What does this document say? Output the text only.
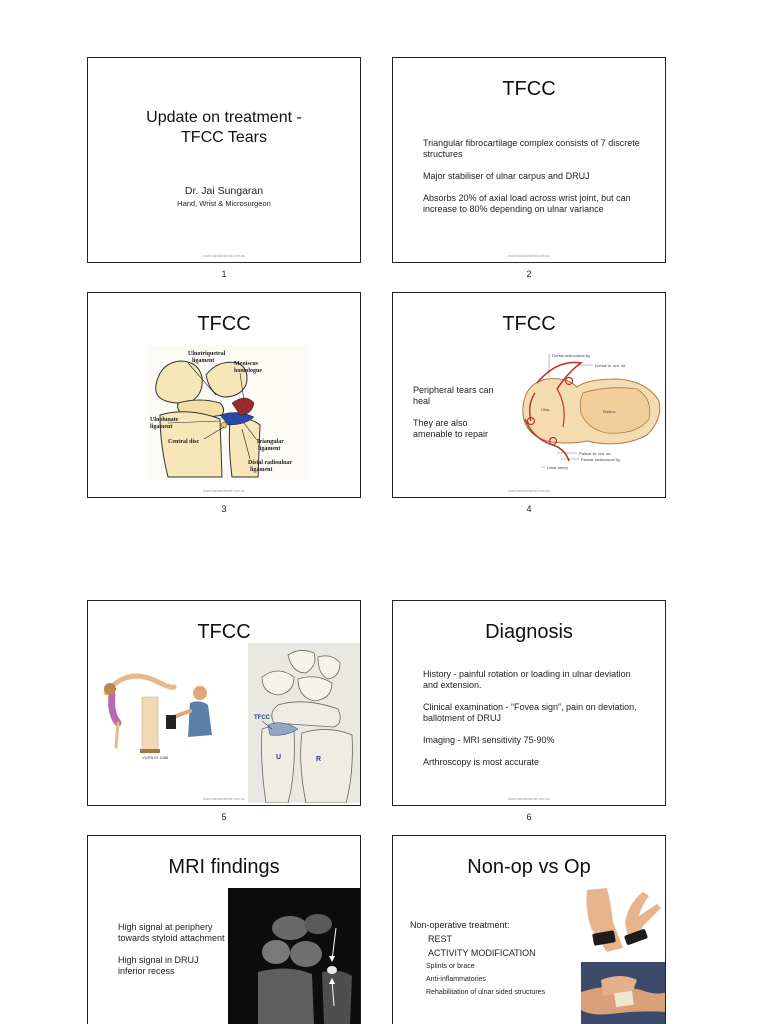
Update on treatment -
TFCC Tears
Dr. Jai Sungaran
Hand, Wrist & Microsurgeon
www.handandwrist.com.au
1
TFCC

Triangular fibrocartilage complex consists of 7 discrete structures

Major stabiliser of ulnar carpus and DRUJ

Absorbs 20% of axial load across wrist joint, but can increase to 80% depending on ulnar variance

www.handandwrist.com.au
2
TFCC
Ulnotriquetral
ligament	Meniscus
homologue
Ulnolunate
ligament
Central disc	Triangular
ligament
Distal radioulnar
ligament
www.handandwrist.com.au
3
TFCC

Peripheral tears can heal

They are also amenable to repair

Dorsal radiocarpal lig.
Dorsal br. ant. int.
Ulna	Radius
Palmar br. ant. int.
Palmar radiocarpal lig.
Ulnar artery
www.handandwrist.com.au
4
TFCC
VURB ID 1088
TFCC
U	R
www.handandwrist.com.au
5
Diagnosis

History - painful rotation or loading in ulnar deviation and extension.

Clinical examination - “Fovea sign”, pain on deviation, ballotment of DRUJ

Imaging - MRI sensitivity 75-90%

Arthroscopy is most accurate

www.handandwrist.com.au
6
MRI findings

High signal at periphery towards styloid attachment

High signal in DRUJ inferior recess

Non-op vs Op
Non-operative treatment:
REST
ACTIVITY MODIFICATION
Splints or brace
Anti-inflammatories
Rehabilitation of ulnar sided structures
